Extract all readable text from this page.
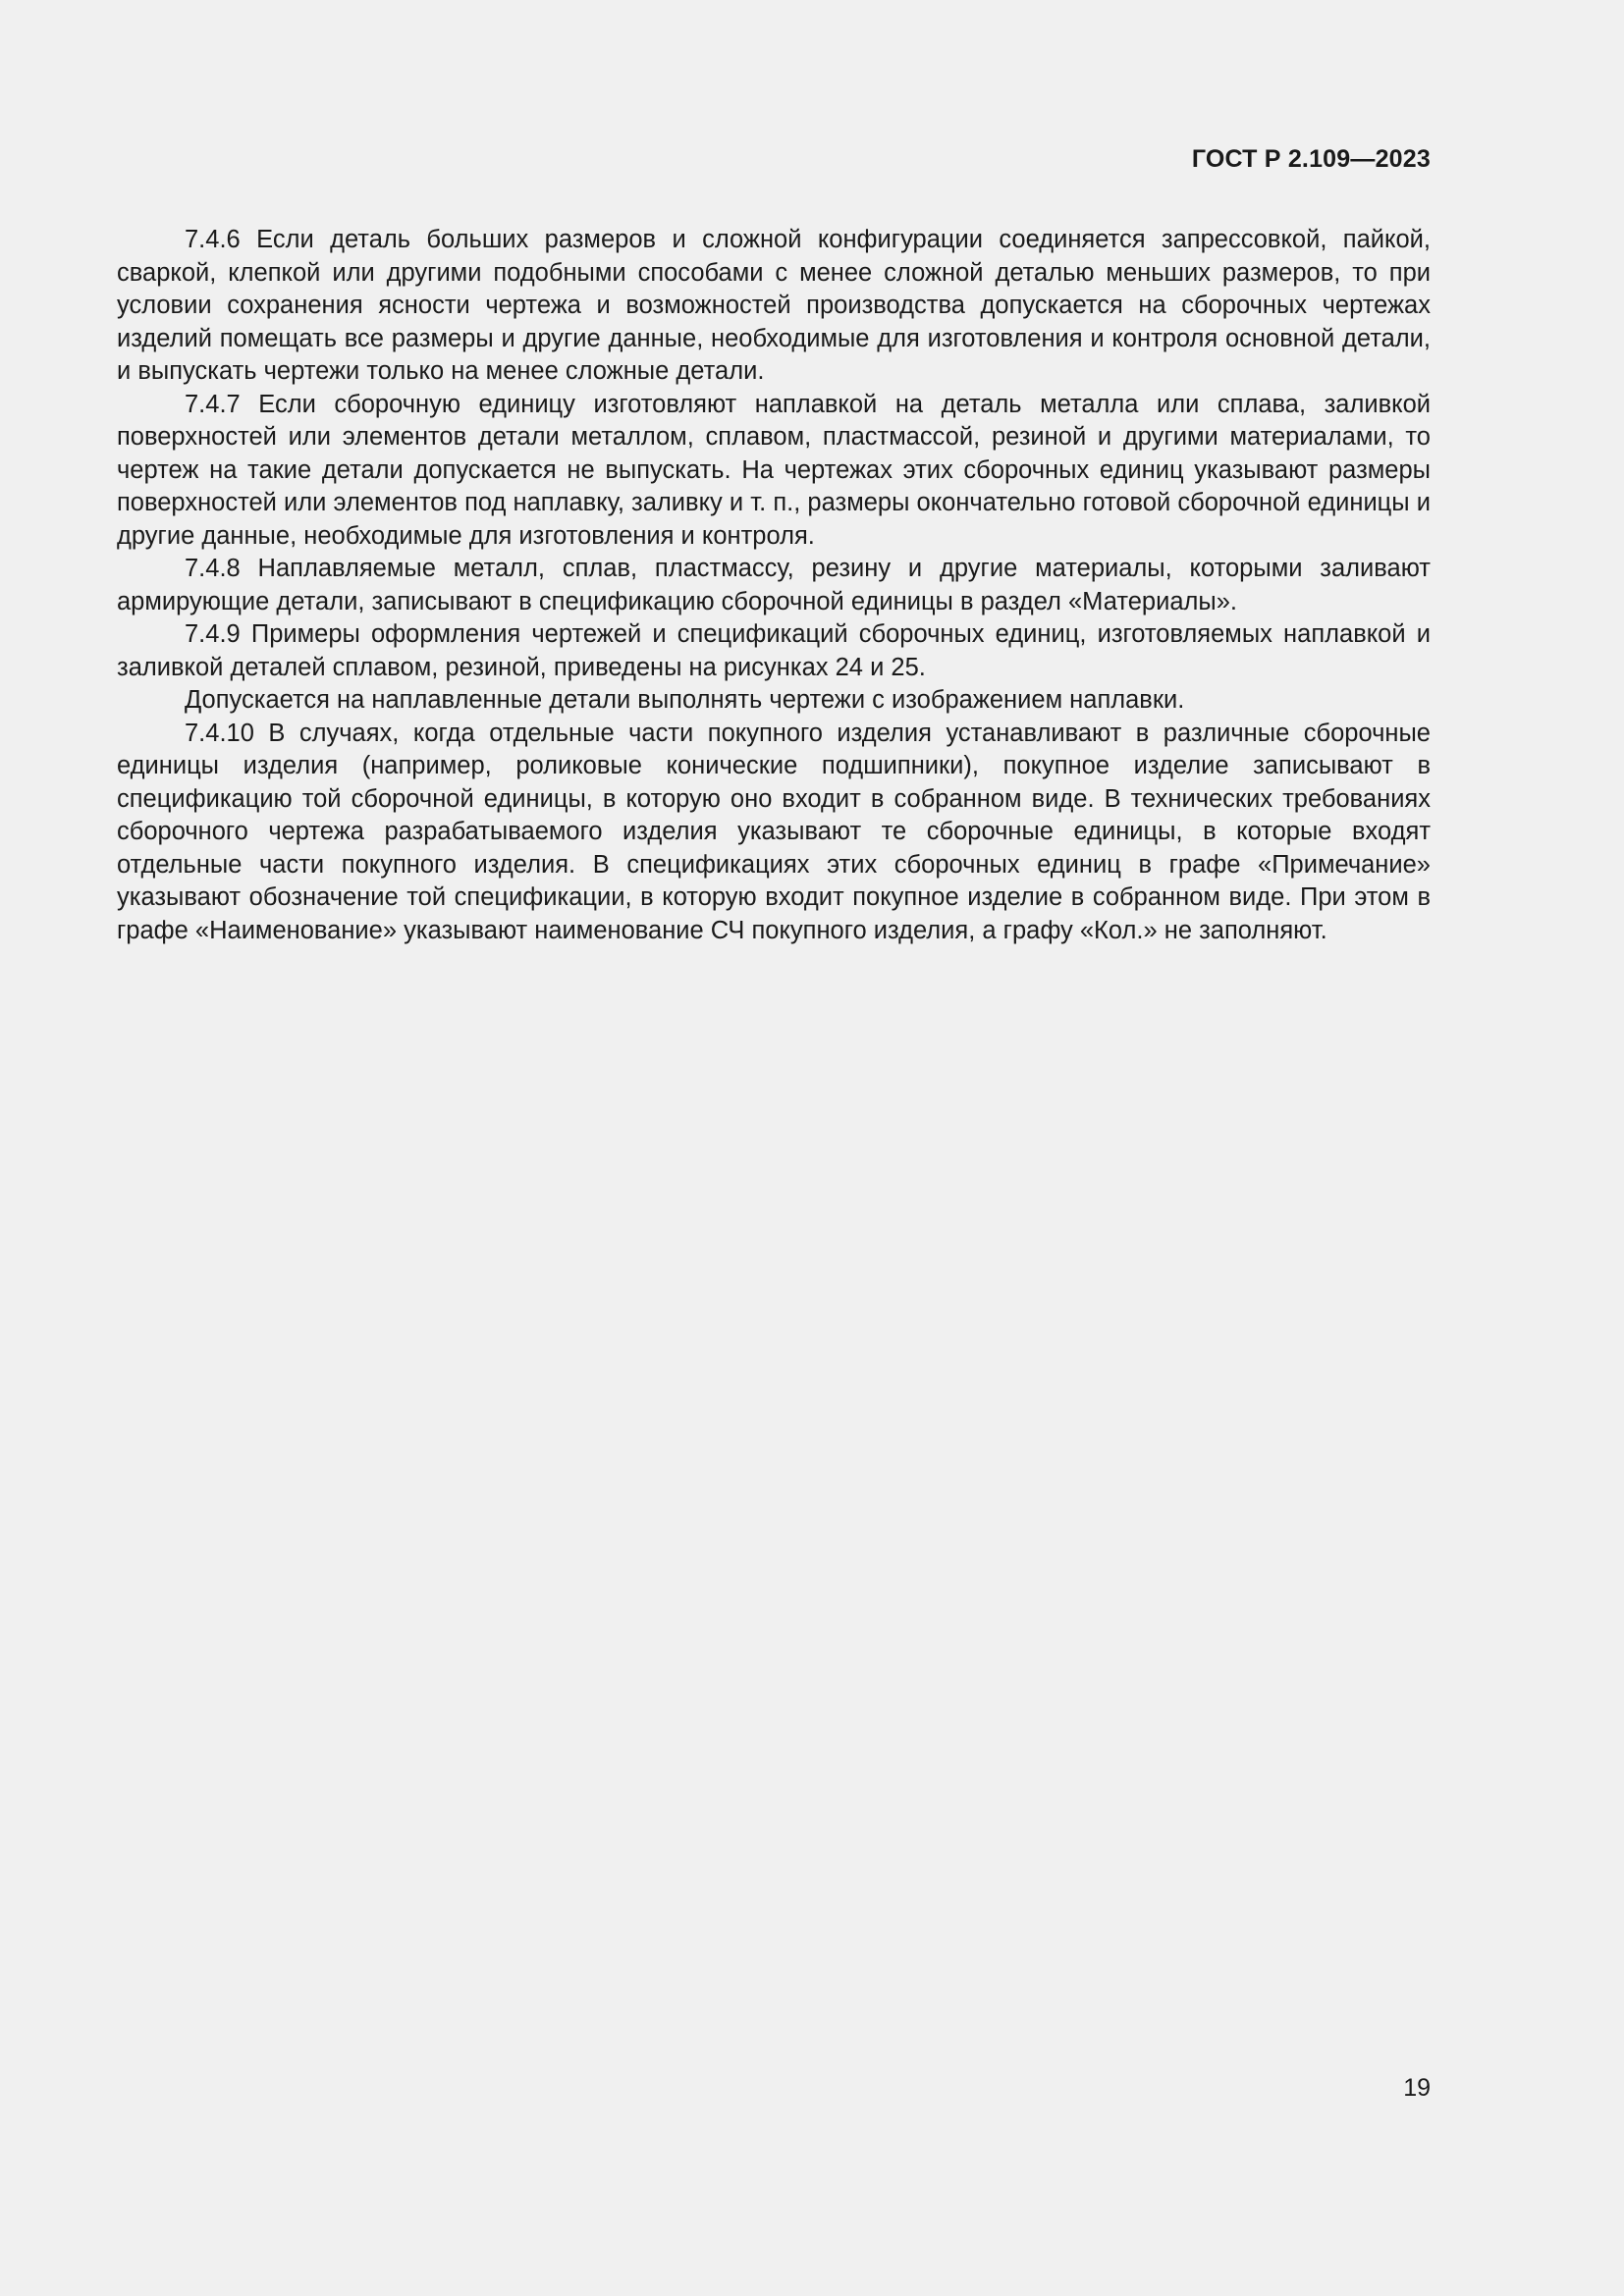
ГОСТ Р 2.109—2023

7.4.6 Если деталь больших размеров и сложной конфигурации соединяется запрессовкой, пайкой, сваркой, клепкой или другими подобными способами с менее сложной деталью меньших размеров, то при условии сохранения ясности чертежа и возможностей производства допускается на сборочных чертежах изделий помещать все размеры и другие данные, необходимые для изготовления и контроля основной детали, и выпускать чертежи только на менее сложные детали.

7.4.7 Если сборочную единицу изготовляют наплавкой на деталь металла или сплава, заливкой поверхностей или элементов детали металлом, сплавом, пластмассой, резиной и другими материалами, то чертеж на такие детали допускается не выпускать. На чертежах этих сборочных единиц указывают размеры поверхностей или элементов под наплавку, заливку и т. п., размеры окончательно готовой сборочной единицы и другие данные, необходимые для изготовления и контроля.

7.4.8 Наплавляемые металл, сплав, пластмассу, резину и другие материалы, которыми заливают армирующие детали, записывают в спецификацию сборочной единицы в раздел «Материалы».

7.4.9 Примеры оформления чертежей и спецификаций сборочных единиц, изготовляемых наплавкой и заливкой деталей сплавом, резиной, приведены на рисунках 24 и 25.

Допускается на наплавленные детали выполнять чертежи с изображением наплавки.

7.4.10 В случаях, когда отдельные части покупного изделия устанавливают в различные сборочные единицы изделия (например, роликовые конические подшипники), покупное изделие записывают в спецификацию той сборочной единицы, в которую оно входит в собранном виде. В технических требованиях сборочного чертежа разрабатываемого изделия указывают те сборочные единицы, в которые входят отдельные части покупного изделия. В спецификациях этих сборочных единиц в графе «Примечание» указывают обозначение той спецификации, в которую входит покупное изделие в собранном виде. При этом в графе «Наименование» указывают наименование СЧ покупного изделия, а графу «Кол.» не заполняют.

19
